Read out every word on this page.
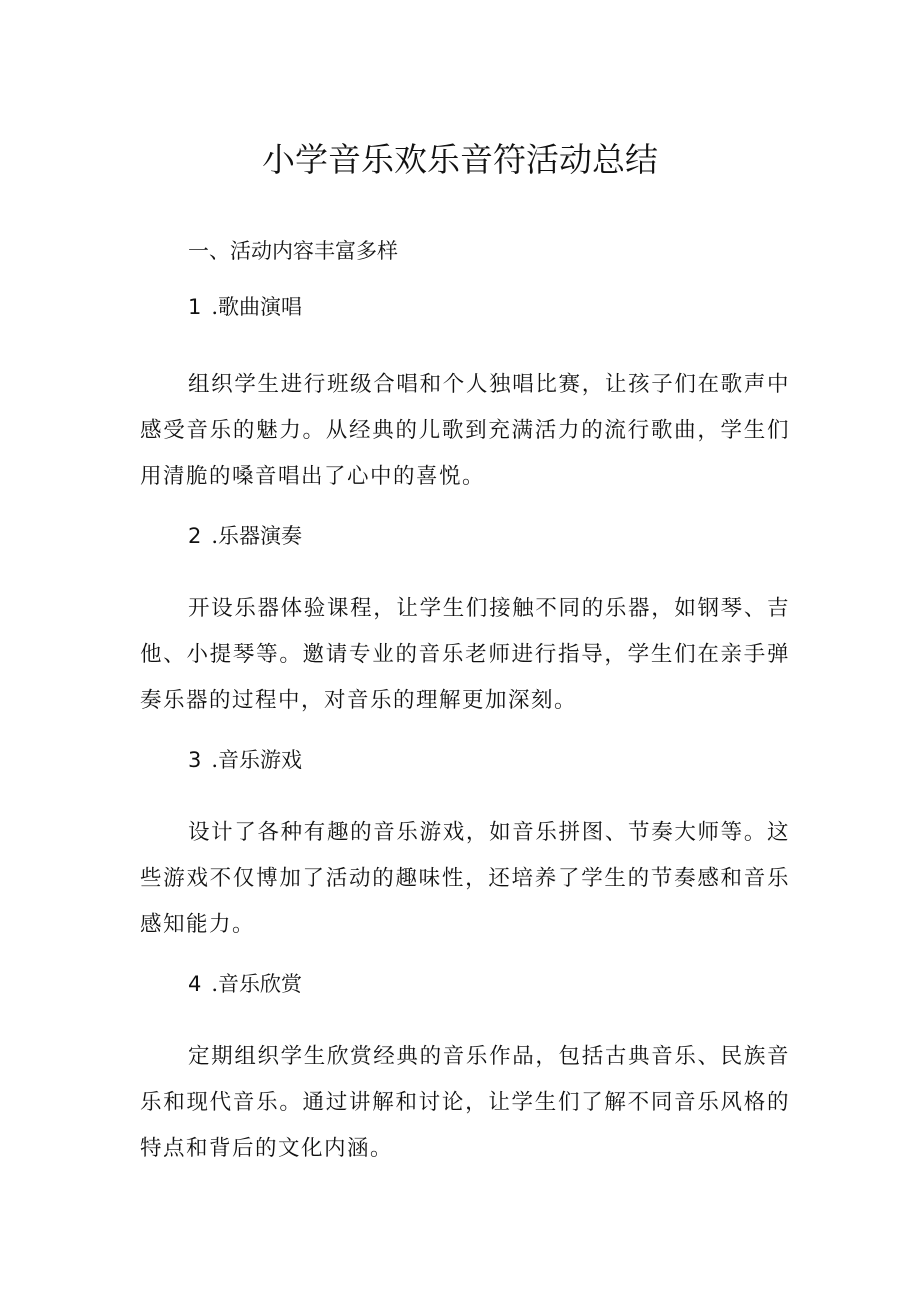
小学音乐欢乐音符活动总结

一、活动内容丰富多样

1 .歌曲演唱

组织学生进行班级合唱和个人独唱比赛，让孩子们在歌声中感受音乐的魅力。从经典的儿歌到充满活力的流行歌曲，学生们用清脆的嗓音唱出了心中的喜悦。

2 .乐器演奏

开设乐器体验课程，让学生们接触不同的乐器，如钢琴、吉他、小提琴等。邀请专业的音乐老师进行指导，学生们在亲手弹奏乐器的过程中，对音乐的理解更加深刻。

3 .音乐游戏

设计了各种有趣的音乐游戏，如音乐拼图、节奏大师等。这些游戏不仅博加了活动的趣味性，还培养了学生的节奏感和音乐感知能力。

4 .音乐欣赏

定期组织学生欣赏经典的音乐作品，包括古典音乐、民族音乐和现代音乐。通过讲解和讨论，让学生们了解不同音乐风格的特点和背后的文化内涵。
